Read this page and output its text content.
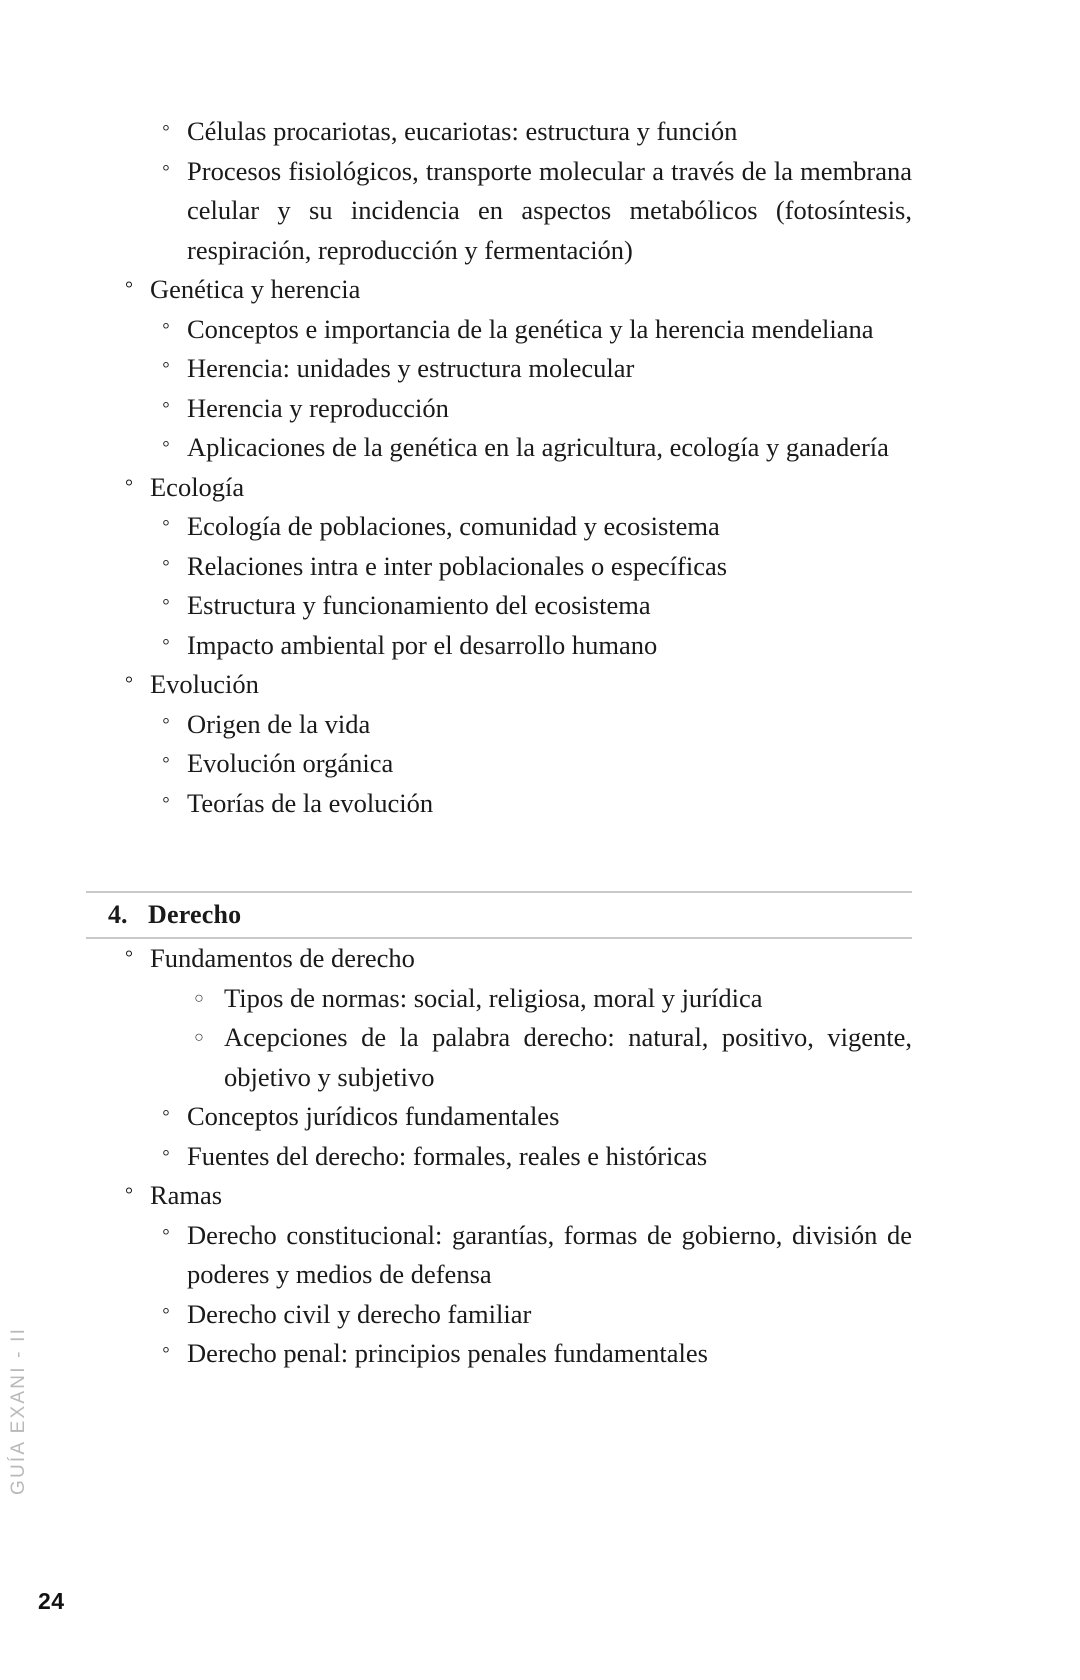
GUÍA EXANI - II
24
° Células procariotas, eucariotas: estructura y función
° Procesos fisiológicos, transporte molecular a través de la membrana celular y su incidencia en aspectos metabólicos (fotosíntesis, respiración, reproducción y fermentación)
° Genética y herencia
° Conceptos e importancia de la genética y la herencia mendeliana
° Herencia: unidades y estructura molecular
° Herencia y reproducción
° Aplicaciones de la genética en la agricultura, ecología y ganadería
° Ecología
° Ecología de poblaciones, comunidad y ecosistema
° Relaciones intra e inter poblacionales o específicas
° Estructura y funcionamiento del ecosistema
° Impacto ambiental por el desarrollo humano
° Evolución
° Origen de la vida
° Evolución orgánica
° Teorías de la evolución
4. Derecho
° Fundamentos de derecho
○ Tipos de normas: social, religiosa, moral y jurídica
○ Acepciones de la palabra derecho: natural, positivo, vigente, objetivo y subjetivo
° Conceptos jurídicos fundamentales
° Fuentes del derecho: formales, reales e históricas
° Ramas
° Derecho constitucional: garantías, formas de gobierno, división de poderes y medios de defensa
° Derecho civil y derecho familiar
° Derecho penal: principios penales fundamentales
